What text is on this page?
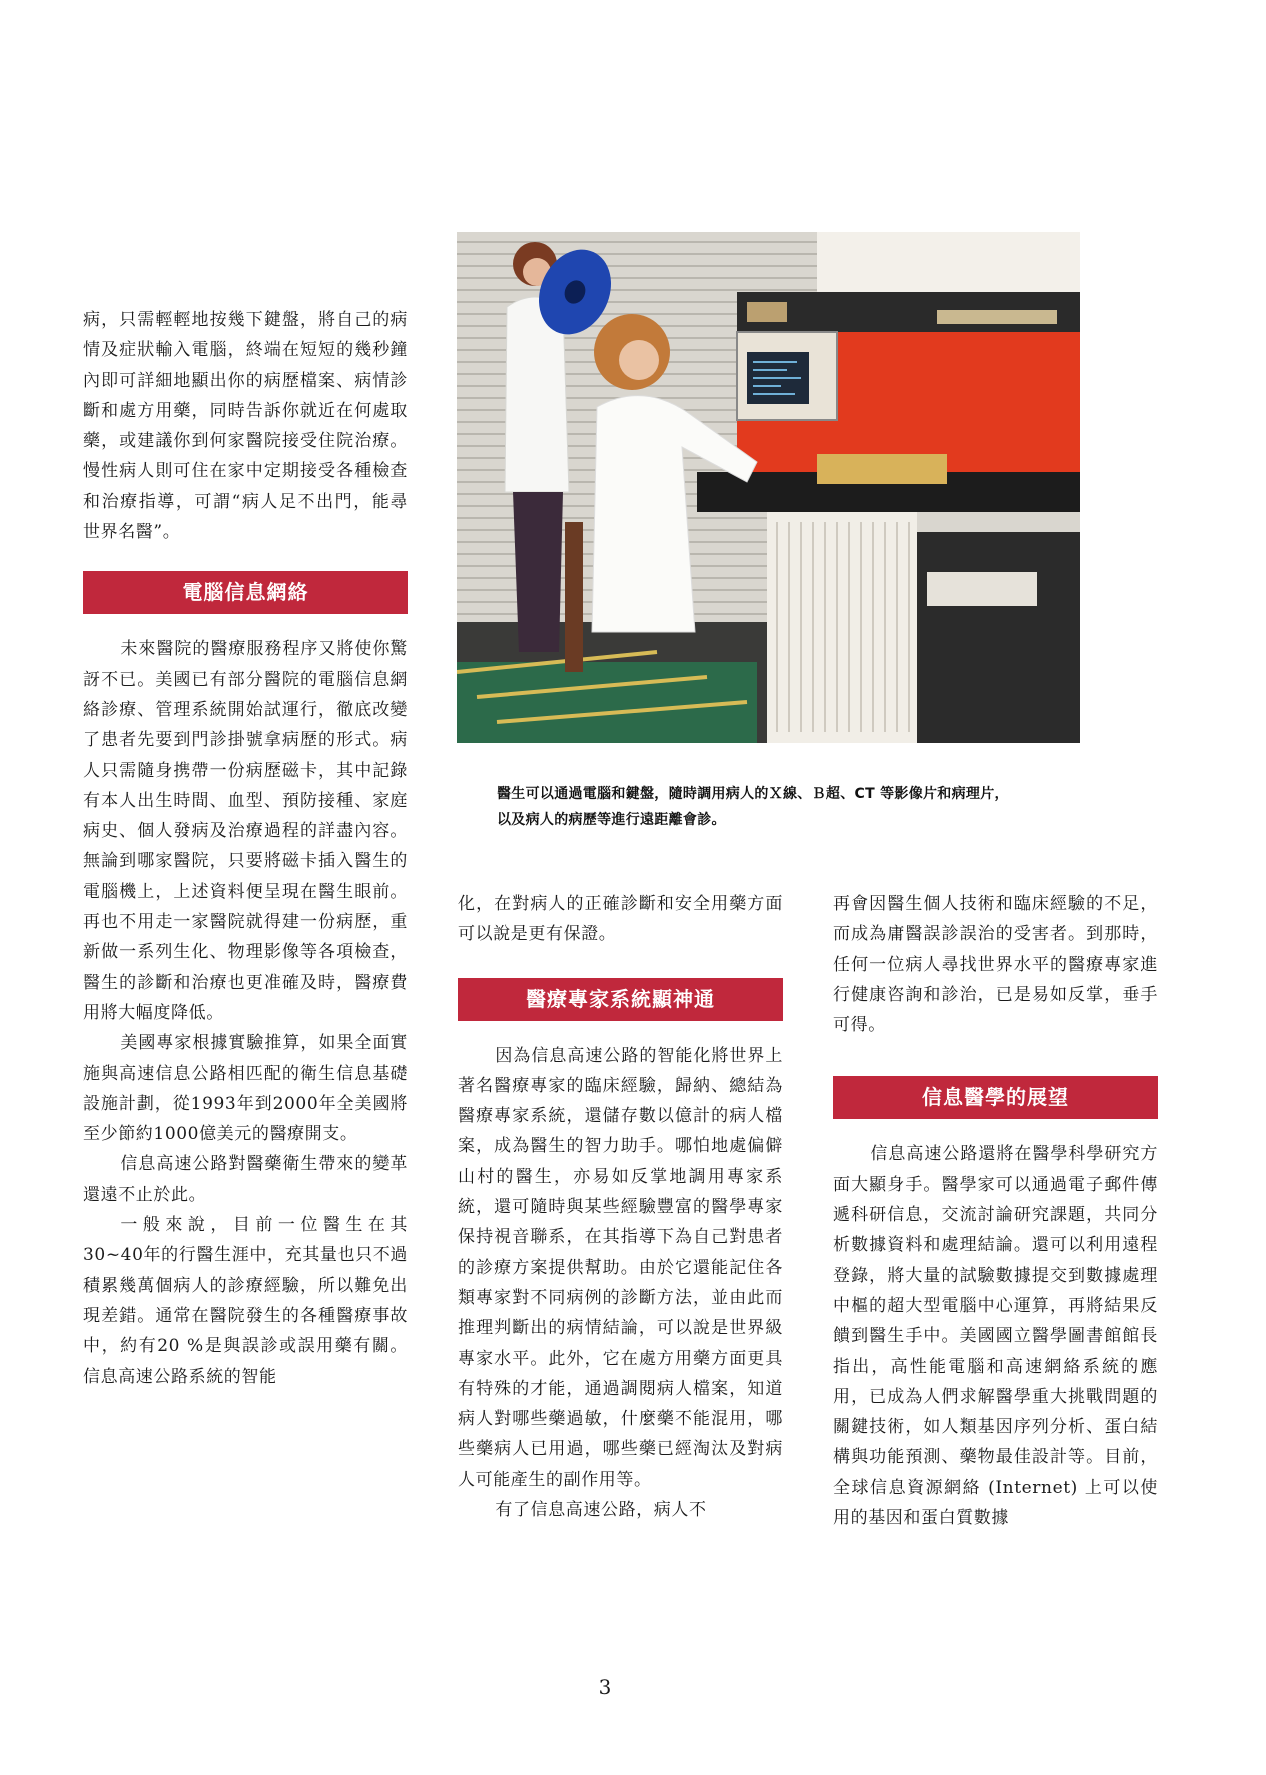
病，只需輕輕地按幾下鍵盤，將自己的病情及症狀輸入電腦，終端在短短的幾秒鐘內即可詳細地顯出你的病歷檔案、病情診斷和處方用藥，同時告訴你就近在何處取藥，或建議你到何家醫院接受住院治療。慢性病人則可住在家中定期接受各種檢查和治療指導，可謂“病人足不出門，能尋世界名醫”。

電腦信息網絡

未來醫院的醫療服務程序又將使你驚訝不已。美國已有部分醫院的電腦信息網絡診療、管理系統開始試運行，徹底改變了患者先要到門診掛號拿病歷的形式。病人只需隨身携帶一份病歷磁卡，其中記錄有本人出生時間、血型、預防接種、家庭病史、個人發病及治療過程的詳盡內容。無論到哪家醫院，只要將磁卡插入醫生的電腦機上，上述資料便呈現在醫生眼前。再也不用走一家醫院就得建一份病歷，重新做一系列生化、物理影像等各項檢查，醫生的診斷和治療也更准確及時，醫療費用將大幅度降低。

美國專家根據實驗推算，如果全面實施與高速信息公路相匹配的衛生信息基礎設施計劃，從1993年到2000年全美國將至少節約1000億美元的醫療開支。

信息高速公路對醫藥衛生帶來的變革還遠不止於此。

一般來說，目前一位醫生在其30~40年的行醫生涯中，充其量也只不過積累幾萬個病人的診療經驗，所以難免出現差錯。通常在醫院發生的各種醫療事故中，約有20 %是與誤診或誤用藥有關。信息高速公路系統的智能

醫生可以通過電腦和鍵盤，隨時調用病人的Ｘ線、Ｂ超、CT 等影像片和病理片，
以及病人的病歷等進行遠距離會診。

化，在對病人的正確診斷和安全用藥方面可以說是更有保證。

醫療專家系統顯神通

因為信息高速公路的智能化將世界上著名醫療專家的臨床經驗，歸納、總結為醫療專家系統，還儲存數以億計的病人檔案，成為醫生的智力助手。哪怕地處偏僻山村的醫生，亦易如反掌地調用專家系統，還可隨時與某些經驗豐富的醫學專家保持視音聯系，在其指導下為自己對患者的診療方案提供幫助。由於它還能記住各類專家對不同病例的診斷方法，並由此而推理判斷出的病情結論，可以說是世界級專家水平。此外，它在處方用藥方面更具有特殊的才能，通過調閱病人檔案，知道病人對哪些藥過敏，什麼藥不能混用，哪些藥病人已用過，哪些藥已經淘汰及對病人可能產生的副作用等。

有了信息高速公路，病人不

再會因醫生個人技術和臨床經驗的不足，而成為庸醫誤診誤治的受害者。到那時，任何一位病人尋找世界水平的醫療專家進行健康咨詢和診治，已是易如反掌，垂手可得。

信息醫學的展望

信息高速公路還將在醫學科學研究方面大顯身手。醫學家可以通過電子郵件傳遞科研信息，交流討論研究課題，共同分析數據資料和處理結論。還可以利用遠程登錄，將大量的試驗數據提交到數據處理中樞的超大型電腦中心運算，再將結果反饋到醫生手中。美國國立醫學圖書館館長指出，高性能電腦和高速網絡系統的應用，已成為人們求解醫學重大挑戰問題的關鍵技術，如人類基因序列分析、蛋白結構與功能預測、藥物最佳設計等。目前，全球信息資源網絡 (Internet) 上可以使用的基因和蛋白質數據

3
